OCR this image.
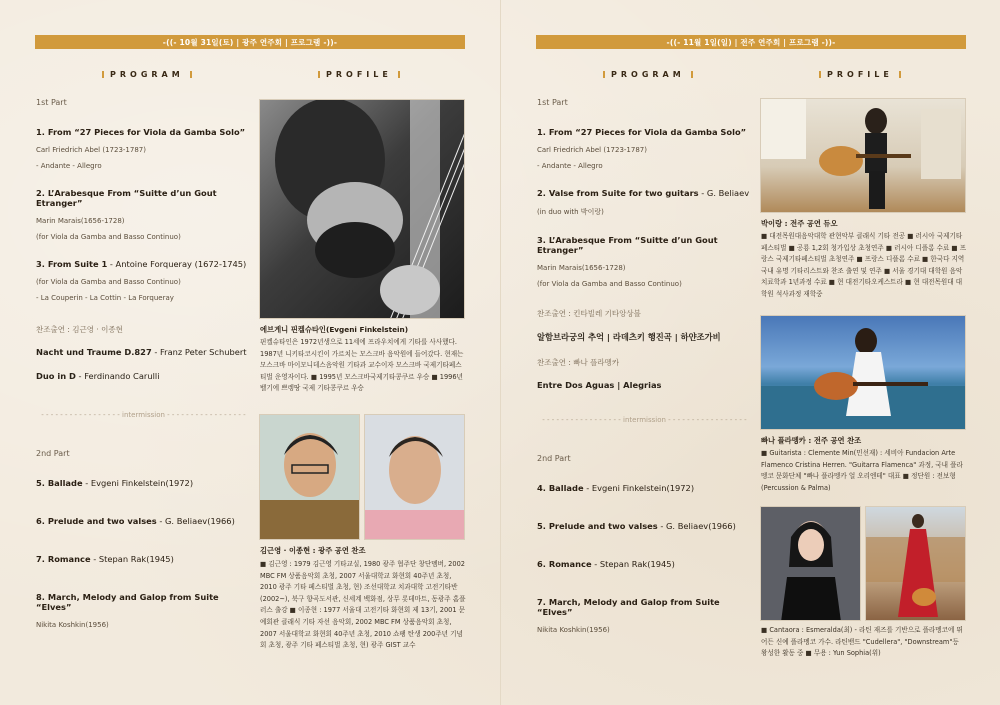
-((- 10월 31일(토) | 광주 연주회 | 프로그램 -))-
PROGRAM	PROFILE
1st Part
1. From “27 Pieces for Viola da Gamba Solo”
Carl Friedrich Abel (1723-1787)
- Andante - Allegro
2. L’Arabesque From “Suitte d’un Gout Etranger”
Marin Marais(1656-1728)
(for Viola da Gamba and Basso Continuo)
3. From Suite 1 - Antoine Forqueray (1672-1745)
(for Viola da Gamba and Basso Continuo)
- La Couperin - La Cottin - La Forqueray
찬조출연 : 김근영 · 이종현
Nacht und Traume D.827 - Franz Peter Schubert
Duo in D - Ferdinando Carulli
- - - - - - - - - - - - - - - - - intermission - - - - - - - - - - - - - - - - -
2nd Part
5. Ballade - Evgeni Finkelstein(1972)
6. Prelude and two valses - G. Beliaev(1966)
7. Romance - Stepan Rak(1945)
8. March, Melody and Galop from Suite “Elves”
Nikita Koshkin(1956)
에브게니 핀켈슈타인(Evgeni Finkelstein)
핀켈슈타인은 1972년생으로 11세에 프라우치에게 기타를 사사했다. 1987년 니키타코시킨이 가르치는 모스크바 음악원에 들어갔다. 현재는 모스크바 마이모니데스음악원 기타과 교수이자 모스크바 국제기타페스티벌 운영자이다. ■ 1995년 모스크바국제기타콩쿠르 우승 ■ 1996년 벨기에 쁘렝땅 국제 기타콩쿠르 우승
김근영 · 이종현 : 광주 공연 찬조
■ 김근영 : 1979 김근영 기타교실, 1980 광주 협주단 창단멤버, 2002 MBC FM 상품음악회 초청, 2007 서울대학교 화현회 40주년 초청, 2010 광주 기타 페스티벌 초청, 현) 조선대학교 치과대학 고전기타반(2002~), 북구 향곡도서관, 신세계 백화점, 상무 롯데마트, 동광주 홈플러스 출강 ■ 이종현 : 1977 서울대 고전기타 화현회 제 13기, 2001 문예회관 클래식 기타 자선 음악회, 2002 MBC FM 상품음악회 초청, 2007 서울대학교 화현회 40주년 초청, 2010 쇼팽 탄생 200주년 기념회 초청, 광주 기타 페스티벌 초청, 현) 광주 GIST 교수
-((- 11월 1일(일) | 전주 연주회 | 프로그램 -))-
PROGRAM	PROFILE
1st Part
1. From “27 Pieces for Viola da Gamba Solo”
Carl Friedrich Abel (1723-1787)
- Andante - Allegro
2. Valse from Suite for two guitars - G. Beliaev
(in duo with 박이랑)
3. L’Arabesque From “Suitte d’un Gout Etranger”
Marin Marais(1656-1728)
(for Viola da Gamba and Basso Continuo)
찬조출연 : 킨타빌레 기타앙상블
알함브라궁의 추억 | 라데츠키 행진곡 | 하얀조가비
찬조출연 : 빠나 플라멩카
Entre Dos Aguas | Alegrias
- - - - - - - - - - - - - - - - - intermission - - - - - - - - - - - - - - - - -
2nd Part
4. Ballade - Evgeni Finkelstein(1972)
5. Prelude and two valses - G. Beliaev(1966)
6. Romance - Stepan Rak(1945)
7. March, Melody and Galop from Suite “Elves”
Nikita Koshkin(1956)
박이랑 : 전주 공연 듀오
■ 대전목원대음악대학 관현악부 클래식 기타 전공 ■ 러시아 국제기타 페스티벌 ■ 공룡 1,2회 청가입상 초청연주 ■ 러시아 디플롬 수료 ■ 프랑스 국제기타페스티벌 초청연주 ■ 프랑스 디플롬 수료 ■ 한국다 지역 국내 유명 기타리스트와 찬조 출연 및 연주 ■ 서울 경기대 대학원 음악치료학과 1년과정 수료 ■ 현 대전기타오케스트라 ■ 현 대전목원대 대학원 석사과정 재학중
빠나 플라멩카 : 전주 공연 찬조
■ Guitarista : Clemente Min(민선재) : 세비아 Fundacion Arte Flamenco Cristina Herren. "Guitarra Flamenca" 과정, 국내 플라멩코 문화단체 "빠나 플라멩카 얼 오리엔테" 대표 ■ 정단원 : 전보형 (Percussion & Palma)
■ Cantaora : Esmeralda(최) - 라틴 재즈를 기반으로 플라멩코에 뛰어든 신예 플라멩코 가수. 라틴밴드 "Cudellera", "Downstream"등 왕성한 활동 중 ■ 무용 : Yun Sophia(위)
